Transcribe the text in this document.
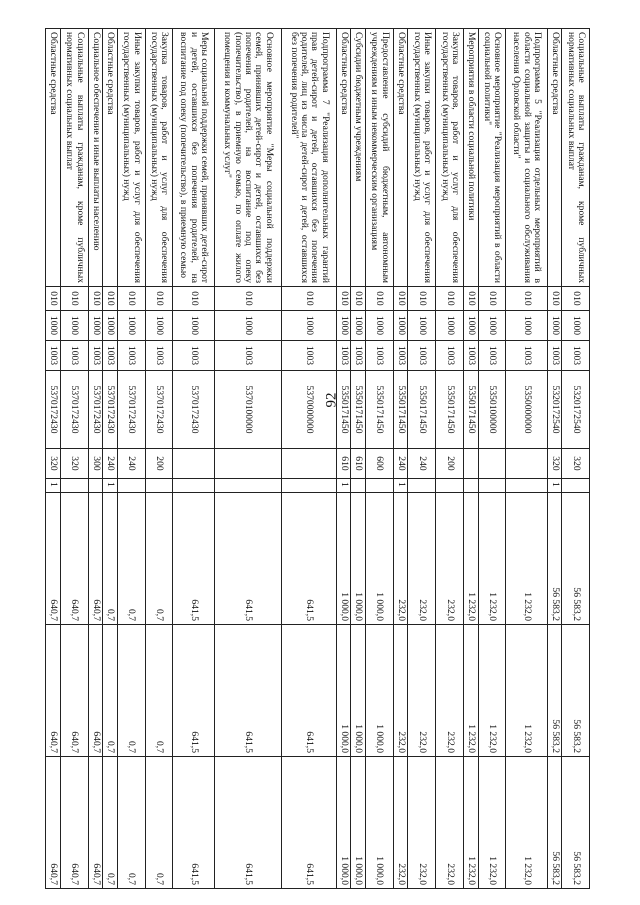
92
Социальные выплаты гражданам, кроме публичных нормативных социальных выплат	010	1000	1003	5320172540	320		56 583,2	56 583,2	56 583,2
Областные средства	010	1000	1003	5320172540	320	1	56 583,2	56 583,2	56 583,2
Подпрограмма 5 "Реализация отдельных мероприятий в области социальной защиты и социального обслуживания населения Орловской области"	010	1000	1003	5350000000			1 232,0	1 232,0	1 232,0
Основное мероприятие "Реализация мероприятий в области социальной политики"	010	1000	1003	5350100000			1 232,0	1 232,0	1 232,0
Мероприятия в области социальной политики	010	1000	1003	5350171450			1 232,0	1 232,0	1 232,0
Закупка товаров, работ и услуг для обеспечения государственных (муниципальных) нужд	010	1000	1003	5350171450	200		232,0	232,0	232,0
Иные закупки товаров, работ и услуг для обеспечения государственных (муниципальных) нужд	010	1000	1003	5350171450	240		232,0	232,0	232,0
Областные средства	010	1000	1003	5350171450	240	1	232,0	232,0	232,0
Предоставление субсидий бюджетным, автономным учреждениям и иным некоммерческим организациям	010	1000	1003	5350171450	600		1 000,0	1 000,0	1 000,0
Субсидии бюджетным учреждениям	010	1000	1003	5350171450	610		1 000,0	1 000,0	1 000,0
Областные средства	010	1000	1003	5350171450	610	1	1 000,0	1 000,0	1 000,0
Подпрограмма 7 "Реализация дополнительных гарантий прав детей-сирот и детей, оставшихся без попечения родителей, лиц из числа детей-сирот и детей, оставшихся без попечения родителей"	010	1000	1003	5370000000			641,5	641,5	641,5
Основное мероприятие "Меры социальной поддержки семей, принявших детей-сирот и детей, оставшихся без попечения родителей, на воспитание под опеку (попечительство), в приемную семью, по оплате жилого помещения и коммунальных услуг"	010	1000	1003	5370100000			641,5	641,5	641,5
Меры социальной поддержки семей, принявших детей-сирот и детей, оставшихся без попечения родителей, на воспитание под опеку (попечительство), в приемную семью	010	1000	1003	5370172430			641,5	641,5	641,5
Закупка товаров, работ и услуг для обеспечения государственных (муниципальных) нужд	010	1000	1003	5370172430	200		0,7	0,7	0,7
Иные закупки товаров, работ и услуг для обеспечения государственных (муниципальных) нужд	010	1000	1003	5370172430	240		0,7	0,7	0,7
Областные средства	010	1000	1003	5370172430	240	1	0,7	0,7	0,7
Социальное обеспечение и иные выплаты населению	010	1000	1003	5370172430	300		640,7	640,7	640,7
Социальные выплаты гражданам, кроме публичных нормативных социальных выплат	010	1000	1003	5370172430	320		640,7	640,7	640,7
Областные средства	010	1000	1003	5370172430	320	1	640,7	640,7	640,7
